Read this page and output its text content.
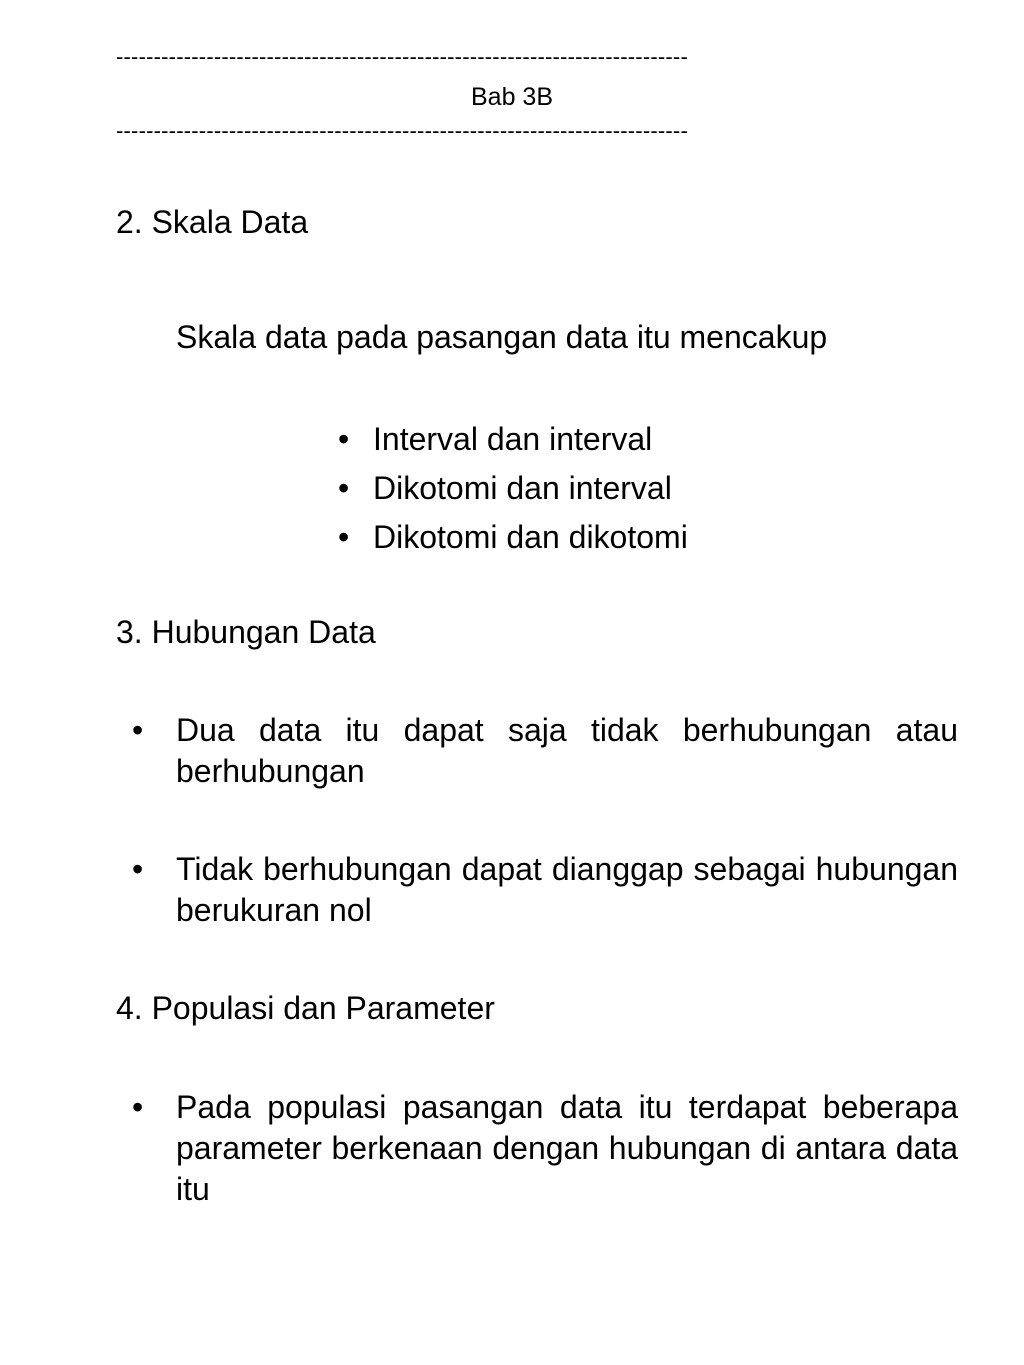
----------------------------------------------------------------------------
Bab 3B
----------------------------------------------------------------------------
2. Skala Data
Skala data pada pasangan data itu mencakup
• Interval dan interval
• Dikotomi dan interval
• Dikotomi dan dikotomi
3. Hubungan Data
• Dua data itu dapat saja tidak berhubungan atau berhubungan
• Tidak berhubungan dapat dianggap sebagai hubungan berukuran nol
4. Populasi dan Parameter
• Pada populasi pasangan data itu terdapat beberapa parameter berkenaan dengan hubungan di antara data itu
